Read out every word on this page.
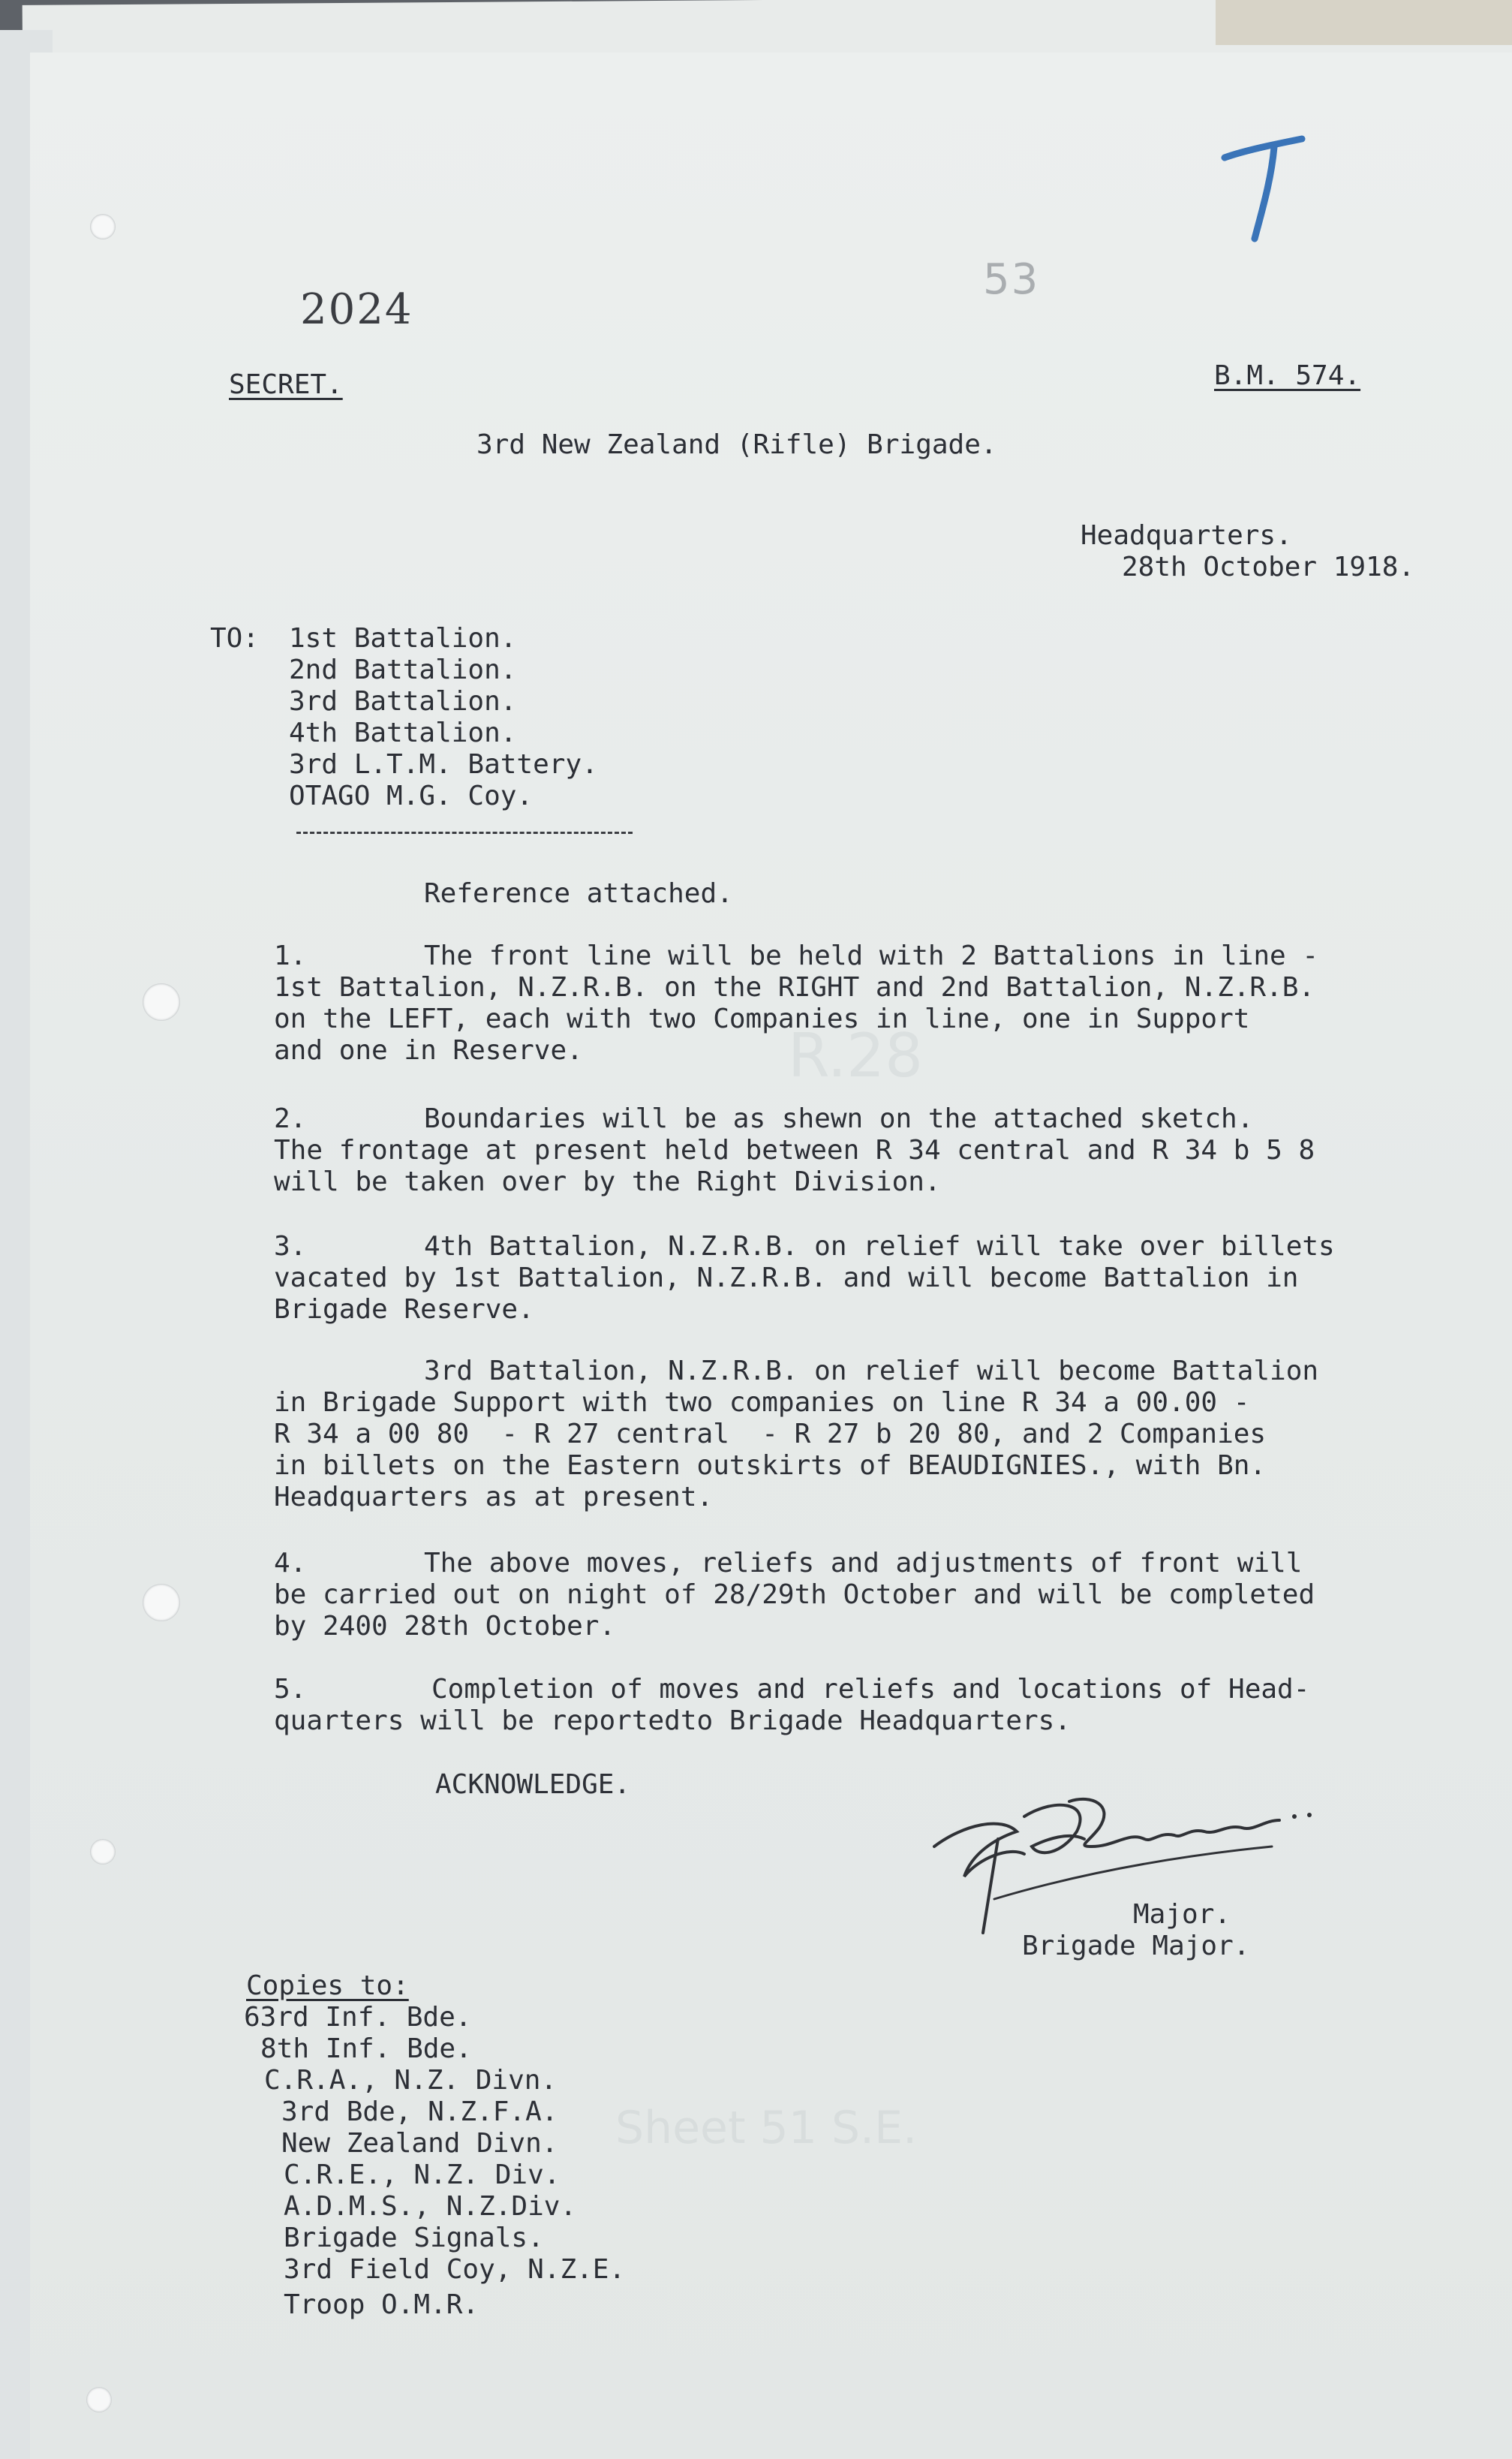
Sheet 51 S.E.
R.28
2024
53
SECRET.	B.M. 574.
3rd New Zealand (Rifle) Brigade.
Headquarters.
28th October 1918.
TO: 1st Battalion.
2nd Battalion.
3rd Battalion.
4th Battalion.
3rd L.T.M. Battery.
OTAGO M.G. Coy.
Reference attached.
1.	The front line will be held with 2 Battalions in line -
1st Battalion, N.Z.R.B. on the RIGHT and 2nd Battalion, N.Z.R.B.
on the LEFT, each with two Companies in line, one in Support
and one in Reserve.
2.	Boundaries will be as shewn on the attached sketch.
The frontage at present held between R 34 central and R 34 b 5 8
will be taken over by the Right Division.
3.	4th Battalion, N.Z.R.B. on relief will take over billets
vacated by 1st Battalion, N.Z.R.B. and will become Battalion in
Brigade Reserve.
3rd Battalion, N.Z.R.B. on relief will become Battalion
in Brigade Support with two companies on line R 34 a 00.00 -
R 34 a 00 80  - R 27 central  - R 27 b 20 80, and 2 Companies
in billets on the Eastern outskirts of BEAUDIGNIES., with Bn.
Headquarters as at present.
4.	The above moves, reliefs and adjustments of front will
be carried out on night of 28/29th October and will be completed
by 2400 28th October.
5.	Completion of moves and reliefs and locations of Head-
quarters will be reportedto Brigade Headquarters.
ACKNOWLEDGE.
Major.
Brigade Major.
Copies to:
63rd Inf. Bde.
8th Inf. Bde.
C.R.A., N.Z. Divn.
3rd Bde, N.Z.F.A.
New Zealand Divn.
C.R.E., N.Z. Div.
A.D.M.S., N.Z.Div.
Brigade Signals.
3rd Field Coy, N.Z.E.
Troop O.M.R.
